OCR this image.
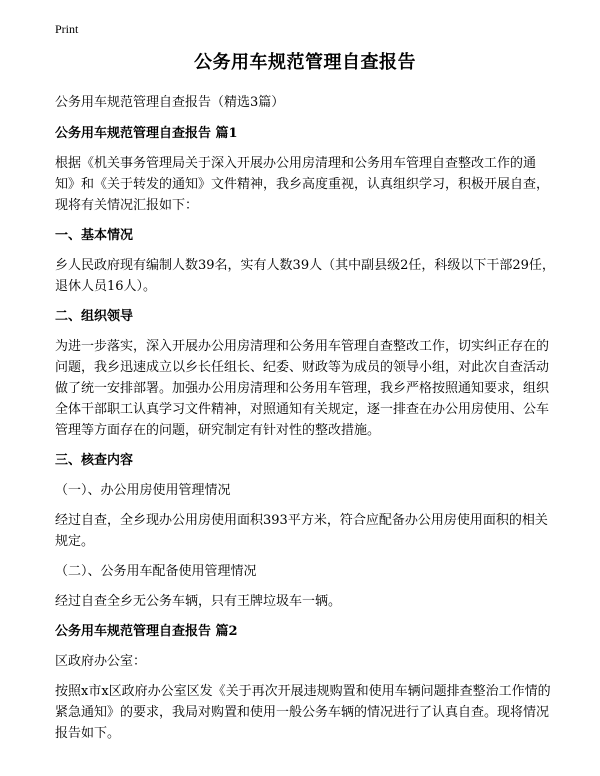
Print
公务用车规范管理自查报告

公务用车规范管理自查报告（精选3篇）

公务用车规范管理自查报告 篇1

根据《机关事务管理局关于深入开展办公用房清理和公务用车管理自查整改工作的通知》和《关于转发的通知》文件精神，我乡高度重视，认真组织学习，积极开展自查，现将有关情况汇报如下：

一、基本情况

乡人民政府现有编制人数39名，实有人数39人（其中副县级2任，科级以下干部29任，退休人员16人）。

二、组织领导

为进一步落实，深入开展办公用房清理和公务用车管理自查整改工作，切实纠正存在的问题，我乡迅速成立以乡长任组长、纪委、财政等为成员的领导小组，对此次自查活动做了统一安排部署。加强办公用房清理和公务用车管理，我乡严格按照通知要求，组织全体干部职工认真学习文件精神，对照通知有关规定，逐一排查在办公用房使用、公车管理等方面存在的问题，研究制定有针对性的整改措施。

三、核查内容

（一）、办公用房使用管理情况

经过自查，全乡现办公用房使用面积393平方米，符合应配备办公用房使用面积的相关规定。

（二）、公务用车配备使用管理情况

经过自查全乡无公务车辆，只有王牌垃圾车一辆。

公务用车规范管理自查报告 篇2

区政府办公室：

按照x市x区政府办公室区发《关于再次开展违规购置和使用车辆问题排查整治工作情的紧急通知》的要求，我局对购置和使用一般公务车辆的情况进行了认真自查。现将情况报告如下。
